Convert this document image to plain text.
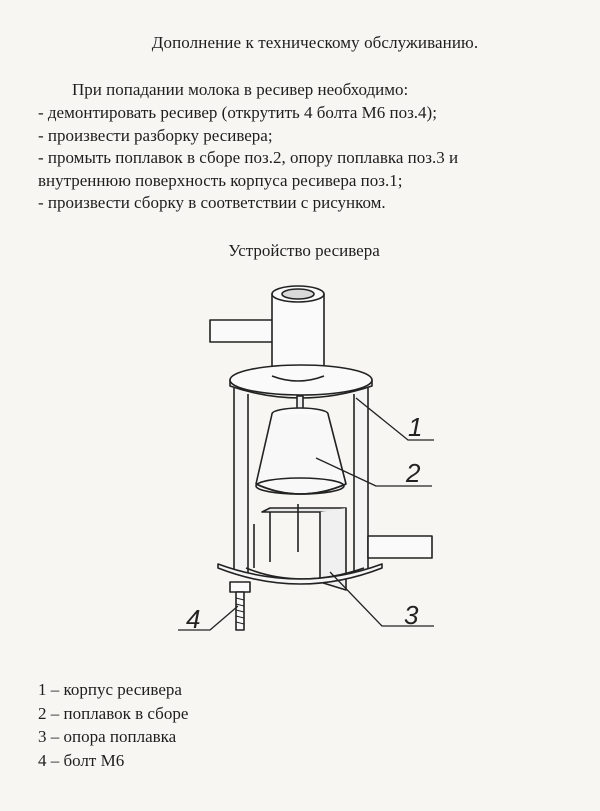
Дополнение к техническому обслуживанию.
При попадании молока в ресивер необходимо:
- демонтировать ресивер (открутить 4 болта М6 поз.4);
- произвести разборку ресивера;
- промыть поплавок в сборе поз.2, опору поплавка поз.3 и
внутреннюю поверхность корпуса ресивера поз.1;
- произвести сборку в соответствии с рисунком.
Устройство ресивера
1
2
3
4
1 – корпус ресивера
2 – поплавок в сборе
3 – опора поплавка
4 – болт М6
